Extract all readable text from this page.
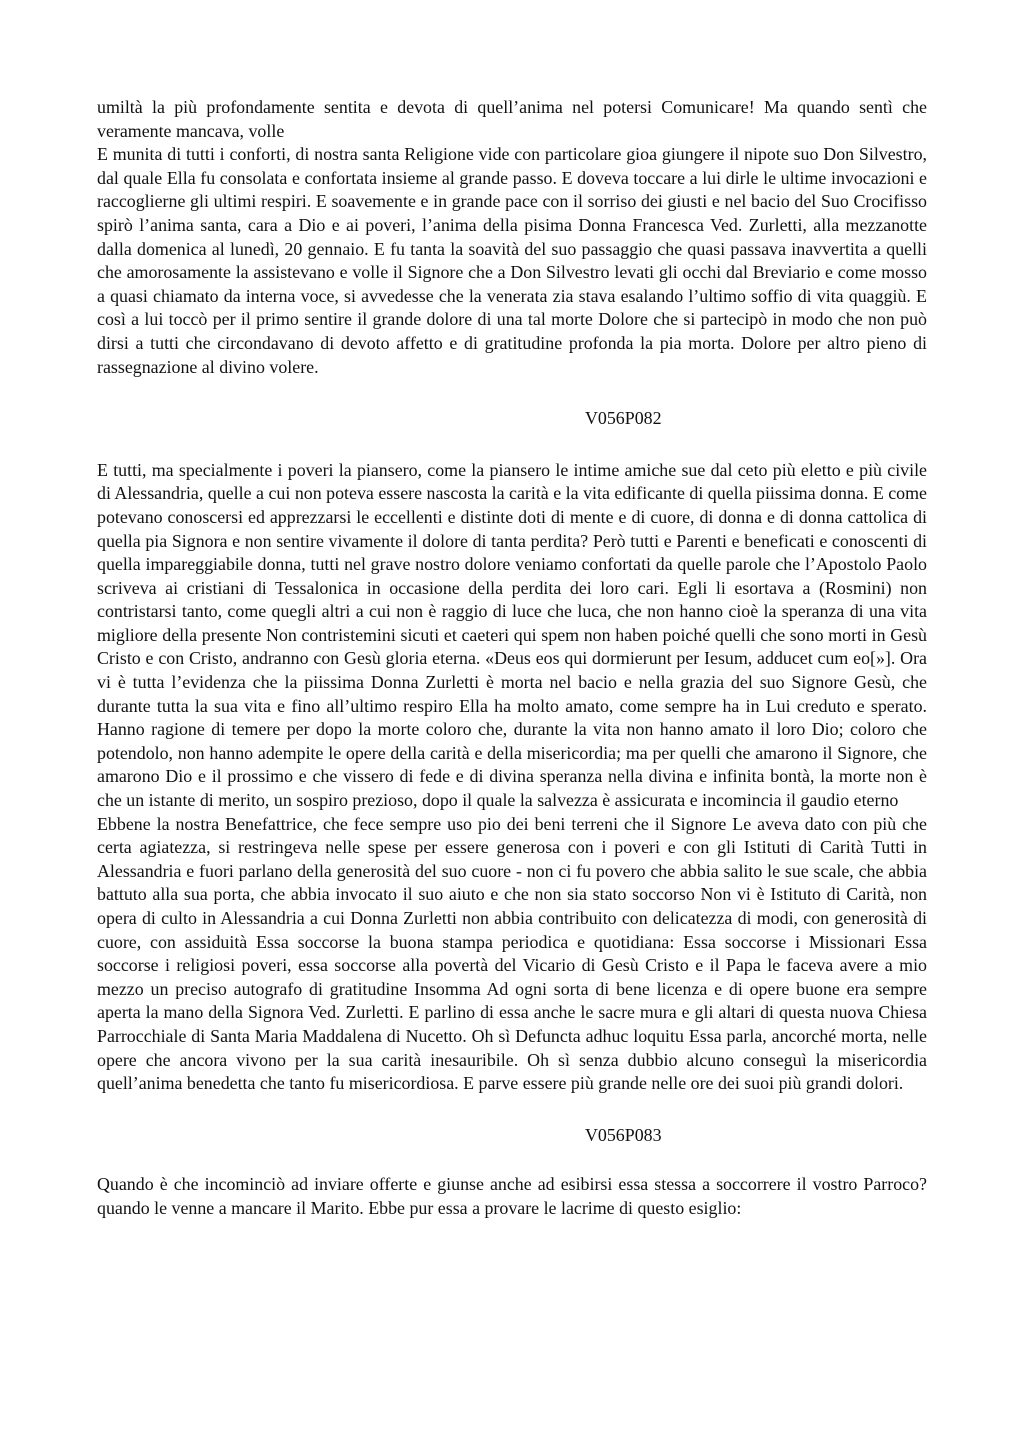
umiltà la più profondamente sentita e devota di quell’anima nel potersi Comunicare! Ma quando sentì che veramente mancava, volle

E munita di tutti i conforti, di nostra santa Religione vide con particolare gioa giungere il nipote suo Don Silvestro, dal quale Ella fu consolata e confortata insieme al grande passo. E doveva toccare a lui dirle le ultime invocazioni e raccoglierne gli ultimi respiri. E soavemente e in grande pace con il sorriso dei giusti e nel bacio del Suo Crocifisso spirò l’anima santa, cara a Dio e ai poveri, l’anima della pisima Donna Francesca Ved. Zurletti, alla mezzanotte dalla domenica al lunedì, 20 gennaio. E fu tanta la soavità del suo passaggio che quasi passava inavvertita a quelli che amorosamente la assistevano e volle il Signore che a Don Silvestro levati gli occhi dal Breviario e come mosso a quasi chiamato da interna voce, si avvedesse che la venerata zia stava esalando l’ultimo soffio di vita quaggiù. E così a lui toccò per il primo sentire il grande dolore di una tal morte Dolore che si partecipò in modo che non può dirsi a tutti che circondavano di devoto affetto e di gratitudine profonda la pia morta. Dolore per altro pieno di rassegnazione al divino volere.

V056P082

E tutti, ma specialmente i poveri la piansero, come la piansero le intime amiche sue dal ceto più eletto e più civile di Alessandria, quelle a cui non poteva essere nascosta la carità e la vita edificante di quella piissima donna. E come potevano conoscersi ed apprezzarsi le eccellenti e distinte doti di mente e di cuore, di donna e di donna cattolica di quella pia Signora e non sentire vivamente il dolore di tanta perdita? Però tutti e Parenti e beneficati e conoscenti di quella impareggiabile donna, tutti nel grave nostro dolore veniamo confortati da quelle parole che l’Apostolo Paolo scriveva ai cristiani di Tessalonica in occasione della perdita dei loro cari. Egli li esortava a (Rosmini) non contristarsi tanto, come quegli altri a cui non è raggio di luce che luca, che non hanno cioè la speranza di una vita migliore della presente Non contristemini sicuti et caeteri qui spem non haben poiché quelli che sono morti in Gesù Cristo e con Cristo, andranno con Gesù gloria eterna. «Deus eos qui dormierunt per Iesum, adducet cum eo[»]. Ora vi è tutta l’evidenza che la piissima Donna Zurletti è morta nel bacio e nella grazia del suo Signore Gesù, che durante tutta la sua vita e fino all’ultimo respiro Ella ha molto amato, come sempre ha in Lui creduto e sperato. Hanno ragione di temere per dopo la morte coloro che, durante la vita non hanno amato il loro Dio; coloro che potendolo, non hanno adempite le opere della carità e della misericordia; ma per quelli che amarono il Signore, che amarono Dio e il prossimo e che vissero di fede e di divina speranza nella divina e infinita bontà, la morte non è che un istante di merito, un sospiro prezioso, dopo il quale la salvezza è assicurata e incomincia il gaudio eterno

Ebbene la nostra Benefattrice, che fece sempre uso pio dei beni terreni che il Signore Le aveva dato con più che certa agiatezza, si restringeva nelle spese per essere generosa con i poveri e con gli Istituti di Carità Tutti in Alessandria e fuori parlano della generosità del suo cuore - non ci fu povero che abbia salito le sue scale, che abbia battuto alla sua porta, che abbia invocato il suo aiuto e che non sia stato soccorso Non vi è Istituto di Carità, non opera di culto in Alessandria a cui Donna Zurletti non abbia contribuito con delicatezza di modi, con generosità di cuore, con assiduità Essa soccorse la buona stampa periodica e quotidiana: Essa soccorse i Missionari Essa soccorse i religiosi poveri, essa soccorse alla povertà del Vicario di Gesù Cristo e il Papa le faceva avere a mio mezzo un preciso autografo di gratitudine Insomma Ad ogni sorta di bene licenza e di opere buone era sempre aperta la mano della Signora Ved. Zurletti. E parlino di essa anche le sacre mura e gli altari di questa nuova Chiesa Parrocchiale di Santa Maria Maddalena di Nucetto. Oh sì Defuncta adhuc loquitu Essa parla, ancorché morta, nelle opere che ancora vivono per la sua carità inesauribile. Oh sì senza dubbio alcuno conseguì la misericordia quell’anima benedetta che tanto fu misericordiosa. E parve essere più grande nelle ore dei suoi più grandi dolori.

V056P083

Quando è che incominciò ad inviare offerte e giunse anche ad esibirsi essa stessa a soccorrere il vostro Parroco? quando le venne a mancare il Marito. Ebbe pur essa a provare le lacrime di questo esiglio:
